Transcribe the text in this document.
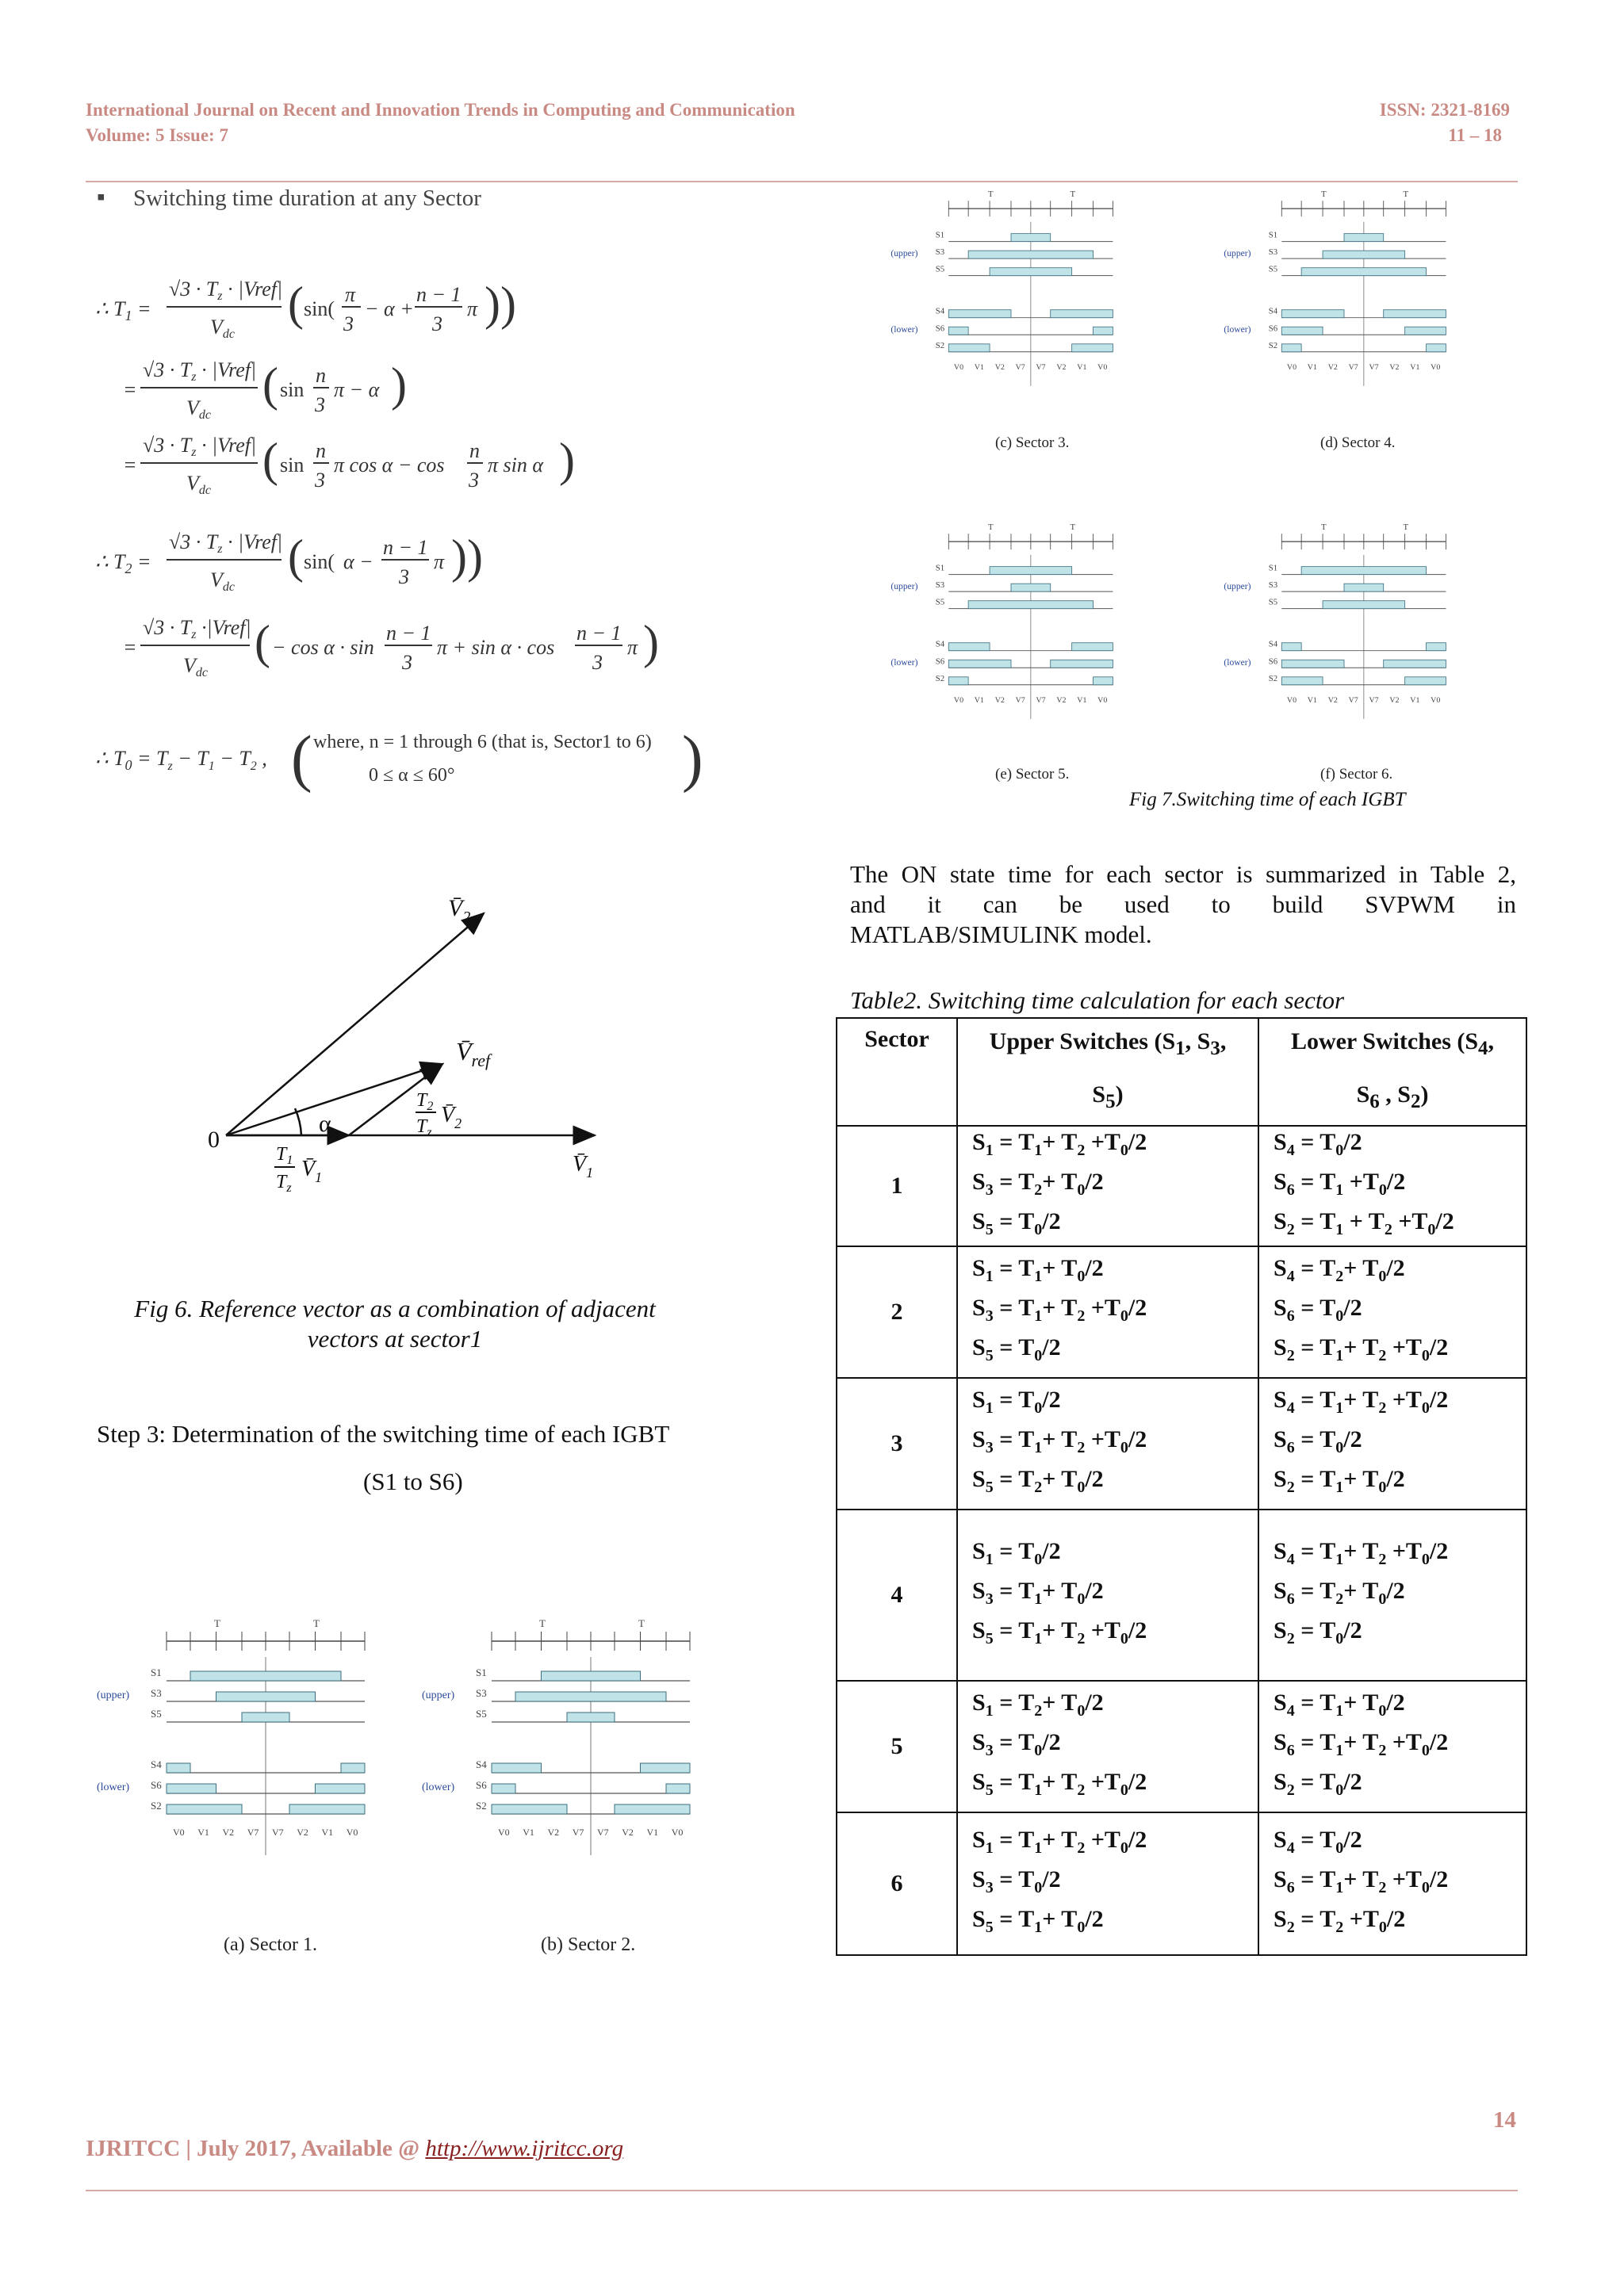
International Journal on Recent and Innovation Trends in Computing and Communication
Volume: 5 Issue: 7
ISSN: 2321-8169
11 – 18
▪ Switching time duration at any Sector
∴ $T_1$ =
√3 · Tz · |Vref|
Vdc
( sin(
π
3
− α +
n − 1
3
π ))
=
√3 · Tz · |Vref|
Vdc
( sin
n
3
π − α )
=
√3 · Tz · |Vref|
Vdc
( sin
n
3
π cos α − cos
n
3
π sin α )
∴ $T_2$ =
√3 · Tz · |Vref|
Vdc
( sin( α −
n − 1
3
π ))
=
√3 · Tz ·|Vref|
Vdc
( − cos α · sin
n − 1
3
π + sin α · cos
n − 1
3
π )
∴ $T_0 = T_z - T_1 - T_2$ , ( where, n = 1 through 6 (that is, Sector1 to 6)
0 ≤ α ≤ 60°	)
$V̄_2$
$V̄_{ref}$
$T_2$
$T_z$
$V̄_2$
α
0
$T_1$
$T_z$
$V̄_1$
$V̄_1$
Fig 6. Reference vector as a combination of adjacent
vectors at sector1
Step 3: Determination of the switching time of each IGBT
(S1 to S6)
T	T
(upper)
(lower)
S1
S3
S5
S4
S6
S2
V0 V1 V2 V7 V7 V2 V1 V0
T	T
(upper)
(lower)
S1
S3
S5
S4
S6
S2
V0 V1 V2 V7 V7 V2 V1 V0
(a) Sector 1.	(b) Sector 2.
T	T
(upper)
(lower)
S1
S3
S5
S4
S6
S2
V0 V1 V2 V7 V7 V2 V1 V0
T	T
(upper)
(lower)
S1
S3
S5
S4
S6
S2
V0 V1 V2 V7 V7 V2 V1 V0
(c) Sector 3.	(d) Sector 4.
T	T
(upper)
(lower)
S1
S3
S5
S4
S6
S2
V0 V1 V2 V7 V7 V2 V1 V0
T	T
(upper)
(lower)
S1
S3
S5
S4
S6
S2
V0 V1 V2 V7 V7 V2 V1 V0
(e) Sector 5.	(f) Sector 6.
Fig 7.Switching time of each IGBT
The ON state time for each sector is summarized in Table 2,
and it can be used to build SVPWM in
MATLAB/SIMULINK model.
Table2. Switching time calculation for each sector
Sector	Upper Switches ($S_1$, $S_3$,
$S_5$)	Lower Switches ($S_4$,
$S_6$ , $S_2$)
1	$S_1 = T_1+ T_2 +T_0/2$
$S_3 = T_2+ T_0/2$
$S_5 = T_0/2$	$S_4 = T_0/2$
$S_6 = T_1 +T_0/2$
$S_2 = T_1 + T_2 +T_0/2$
2	$S_1 = T_1+ T_0/2$
$S_3 = T_1+ T_2 +T_0/2$
$S_5 = T_0/2$	$S_4 = T_2+ T_0/2$
$S_6 = T_0/2$
$S_2 = T_1+ T_2 +T_0/2$
3	$S_1 = T_0/2$
$S_3 = T_1+ T_2 +T_0/2$
$S_5 = T_2+ T_0/2$	$S_4 = T_1+ T_2 +T_0/2$
$S_6 = T_0/2$
$S_2 = T_1+ T_0/2$
4	$S_1 = T_0/2$
$S_3 = T_1+ T_0/2$
$S_5 = T_1+ T_2 +T_0/2$	$S_4 = T_1+ T_2 +T_0/2$
$S_6 = T_2+ T_0/2$
$S_2 = T_0/2$
5	$S_1 = T_2+ T_0/2$
$S_3 = T_0/2$
$S_5 = T_1+ T_2 +T_0/2$	$S_4 = T_1+ T_0/2$
$S_6 = T_1+ T_2 +T_0/2$
$S_2 = T_0/2$
6	$S_1 = T_1+ T_2 +T_0/2$
$S_3 = T_0/2$
$S_5 = T_1+ T_0/2$	$S_4 = T_0/2$
$S_6 = T_1+ T_2 +T_0/2$
$S_2 = T_2 +T_0/2$
14
IJRITCC | July 2017, Available @ http://www.ijritcc.org
